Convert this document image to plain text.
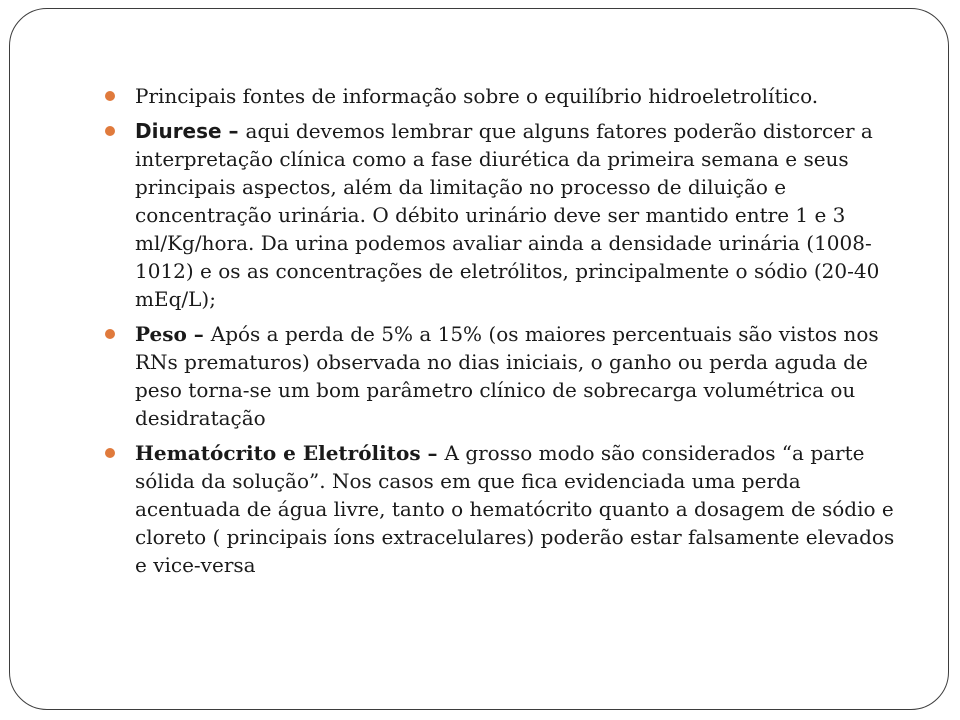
Principais fontes de informação sobre o equilíbrio hidroeletrolítico.
Diurese – aqui devemos lembrar que alguns fatores poderão distorcer a interpretação clínica como a fase diurética da primeira semana e seus principais aspectos, além da limitação no processo de diluição e concentração urinária. O débito urinário deve ser mantido entre 1 e 3 ml/Kg/hora. Da urina podemos avaliar ainda a densidade urinária (1008-1012) e os as concentrações de eletrólitos, principalmente o sódio (20-40 mEq/L);
Peso – Após a perda de 5% a 15% (os maiores percentuais são vistos nos RNs prematuros) observada no dias iniciais, o ganho ou perda aguda de peso torna-se um bom parâmetro clínico de sobrecarga volumétrica ou desidratação
Hematócrito e Eletrólitos – A grosso modo são considerados “a parte sólida da solução”. Nos casos em que fica evidenciada uma perda acentuada de água livre, tanto o hematócrito quanto a dosagem de sódio e cloreto ( principais íons extracelulares) poderão estar falsamente elevados e vice-versa
